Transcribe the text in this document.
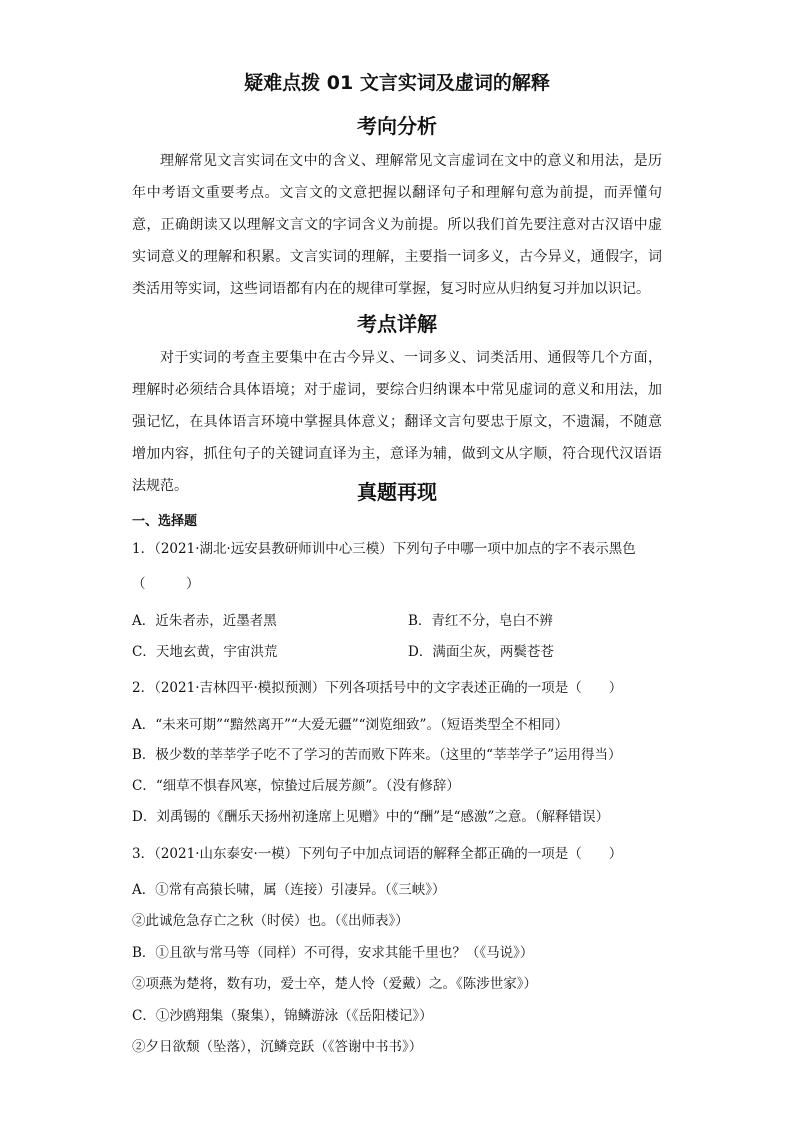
疑难点拨 01 文言实词及虚词的解释
考向分析
理解常见文言实词在文中的含义、理解常见文言虚词在文中的意义和用法，是历年中考语文重要考点。文言文的文意把握以翻译句子和理解句意为前提，而弄懂句意，正确朗读又以理解文言文的字词含义为前提。所以我们首先要注意对古汉语中虚实词意义的理解和积累。文言实词的理解，主要指一词多义，古今异义，通假字，词类活用等实词，这些词语都有内在的规律可掌握，复习时应从归纳复习并加以识记。
考点详解
对于实词的考查主要集中在古今异义、一词多义、词类活用、通假等几个方面，理解时必须结合具体语境；对于虚词，要综合归纳课本中常见虚词的意义和用法，加强记忆，在具体语言环境中掌握具体意义；翻译文言句要忠于原文，不遗漏，不随意增加内容，抓住句子的关键词直译为主，意译为辅，做到文从字顺，符合现代汉语语法规范。	真题再现
一、选择题
1．（2021·湖北·远安县教研师训中心三模）下列句子中哪一项中加点的字不表示黑色
（　　　）
A．近朱者赤，近墨者黑	B．青红不分，皂白不辨
C．天地玄黄，宇宙洪荒	D．满面尘灰，两鬓苍苍
2．（2021·吉林四平·模拟预测）下列各项括号中的文字表述正确的一项是（　　）
A．“未来可期”“黯然离开”“大爱无疆”“浏览细致”。（短语类型全不相同）
B．极少数的莘莘学子吃不了学习的苦而败下阵来。（这里的“莘莘学子”运用得当）
C．“细草不惧春风寒，惊蛰过后展芳颜”。（没有修辞）
D．刘禹锡的《酬乐天扬州初逢席上见赠》中的“酬”是“感激”之意。（解释错误）
3．（2021·山东泰安·一模）下列句子中加点词语的解释全都正确的一项是（　　）
A．①常有高猿长啸，属（连接）引凄异。（《三峡》）
②此诚危急存亡之秋（时侯）也。（《出师表》）
B．①且欲与常马等（同样）不可得，安求其能千里也？（《马说》）
②项燕为楚将，数有功，爱士卒，楚人怜（爱戴）之。《陈涉世家》）
C．①沙鸥翔集（聚集），锦鳞游泳（《岳阳楼记》）
②夕日欲颓（坠落），沉鳞竞跃（《答谢中书书》）
